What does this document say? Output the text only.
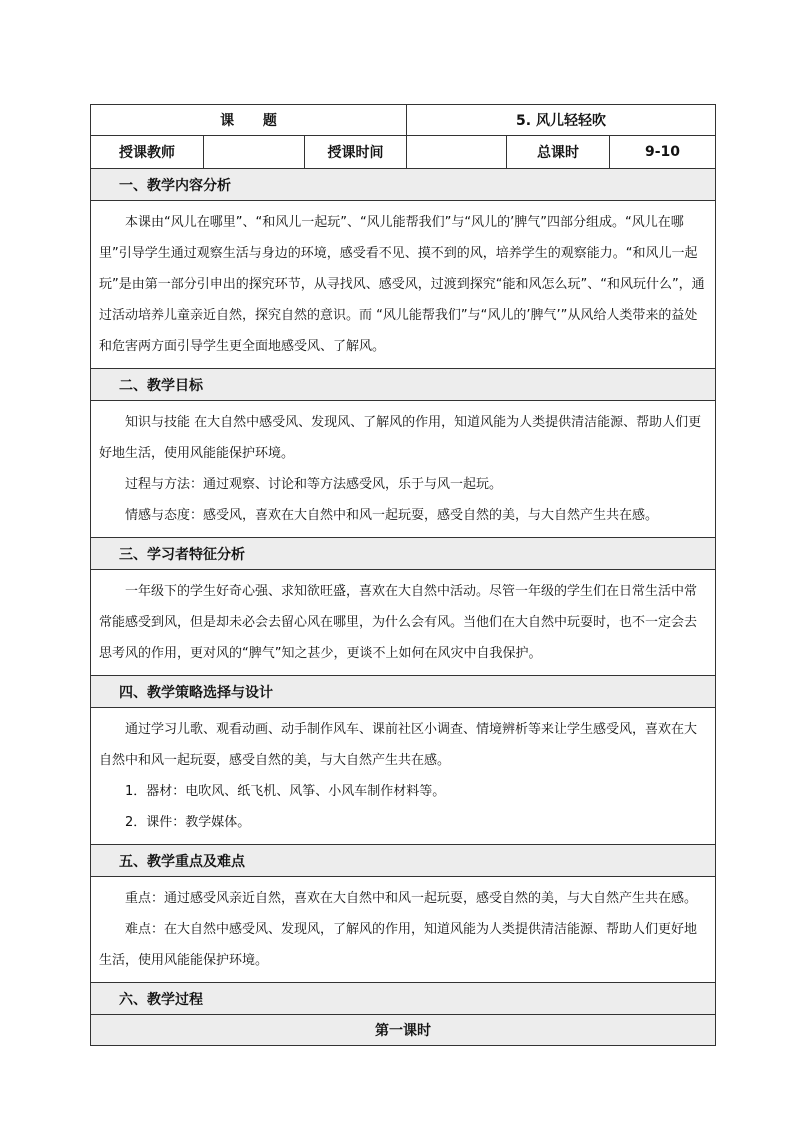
课 题			5. 风儿轻轻吹		
授课教师		授课时间		总课时	9-10
一、教学内容分析					

本课由“风儿在哪里”、“和风儿一起玩”、“风儿能帮我们”与“风儿的’脾气”四部分组成。“风儿在哪里”引导学生通过观察生活与身边的环境，感受看不见、摸不到的风，培养学生的观察能力。“和风儿一起玩”是由第一部分引申出的探究环节，从寻找风、感受风，过渡到探究“能和风怎么玩”、“和风玩什么”，通过活动培养儿童亲近自然，探究自然的意识。而 “风儿能帮我们”与“风儿的’脾气’”从风给人类带来的益处和危害两方面引导学生更全面地感受风、了解风。					

二、教学目标					

知识与技能 在大自然中感受风、发现风、了解风的作用，知道风能为人类提供清洁能源、帮助人们更好地生活，使用风能能保护环境。

过程与方法：通过观察、讨论和等方法感受风，乐于与风一起玩。

情感与态度：感受风，喜欢在大自然中和风一起玩耍，感受自然的美，与大自然产生共在感。					

三、学习者特征分析					

一年级下的学生好奇心强、求知欲旺盛，喜欢在大自然中活动。尽管一年级的学生们在日常生活中常常能感受到风，但是却未必会去留心风在哪里，为什么会有风。当他们在大自然中玩耍时，也不一定会去思考风的作用，更对风的“脾气”知之甚少，更谈不上如何在风灾中自我保护。					

四、教学策略选择与设计					

通过学习儿歌、观看动画、动手制作风车、课前社区小调查、情境辨析等来让学生感受风，喜欢在大自然中和风一起玩耍，感受自然的美，与大自然产生共在感。

1．器材：电吹风、纸飞机、风筝、小风车制作材料等。

2．课件：教学媒体。					

五、教学重点及难点					

重点：通过感受风亲近自然，喜欢在大自然中和风一起玩耍，感受自然的美，与大自然产生共在感。

难点：在大自然中感受风、发现风，了解风的作用，知道风能为人类提供清洁能源、帮助人们更好地生活，使用风能能保护环境。					

六、教学过程					
第一课时					
